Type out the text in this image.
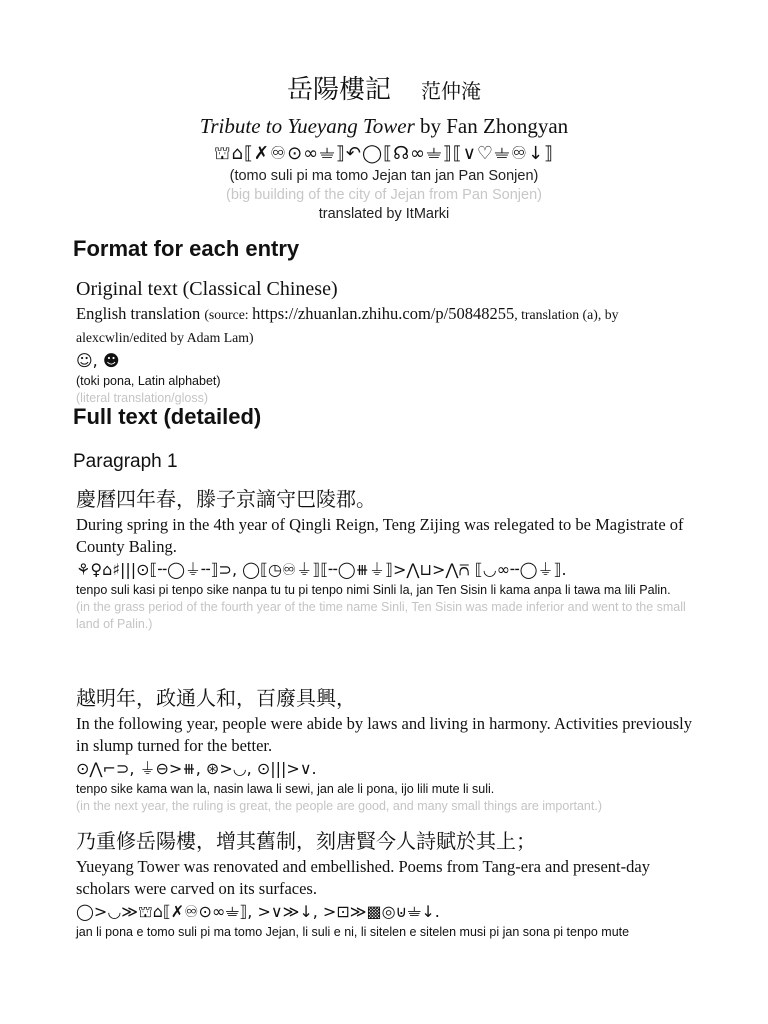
岳陽樓記 范仲淹
Tribute to Yueyang Tower by Fan Zhongyan
⛫⌂⟦✗♾⊙∞⏚⟧↶◯⟦☊∞⏚⟧⟦∨♡⏚♾↓⟧
(tomo suli pi ma tomo Jejan tan jan Pan Sonjen)
(big building of the city of Jejan from Pan Sonjen)
translated by ItMarki
Format for each entry
Original text (Classical Chinese)
English translation (source: https://zhuanlan.zhihu.com/p/50848255, translation (a), by alexcwlin/edited by Adam Lam)
☺︎, ☻
(toki pona, Latin alphabet)
(literal translation/gloss)
Full text (detailed)
Paragraph 1
慶曆四年春，滕子京謫守巴陵郡。
During spring in the 4th year of Qingli Reign, Teng Zijing was relegated to be Magistrate of County Baling.
⚘♀⌂♯|||⊙⟦╌◯⏚╌⟧⊃, ◯⟦◷♾⏚⟧⟦╌◯⧻⏚⟧>⋀⊔>⋀⩃ ⟦◡∞╌◯⏚⟧.
tenpo suli kasi pi tenpo sike nanpa tu tu pi tenpo nimi Sinli la, jan Ten Sisin li kama anpa li tawa ma lili Palin.
(in the grass period of the fourth year of the time name Sinli, Ten Sisin was made inferior and went to the small land of Palin.)
越明年，政通人和，百廢具興，
In the following year, people were abide by laws and living in harmony. Activities previously in slump turned for the better.
⊙⋀⌐⊃, ⏚⊖>⧻, ⊛>◡, ⊙|||>∨.
tenpo sike kama wan la, nasin lawa li sewi, jan ale li pona, ijo lili mute li suli.
(in the next year, the ruling is great, the people are good, and many small things are important.)
乃重修岳陽樓，增其舊制，刻唐賢今人詩賦於其上；
Yueyang Tower was renovated and embellished. Poems from Tang-era and present-day scholars were carved on its surfaces.
◯>◡≫⛫⌂⟦✗♾⊙∞⏚⟧, >∨≫↓, >⊡≫▩◎⊍⏚↓.
jan li pona e tomo suli pi ma tomo Jejan, li suli e ni, li sitelen e sitelen musi pi jan sona pi tenpo mute
